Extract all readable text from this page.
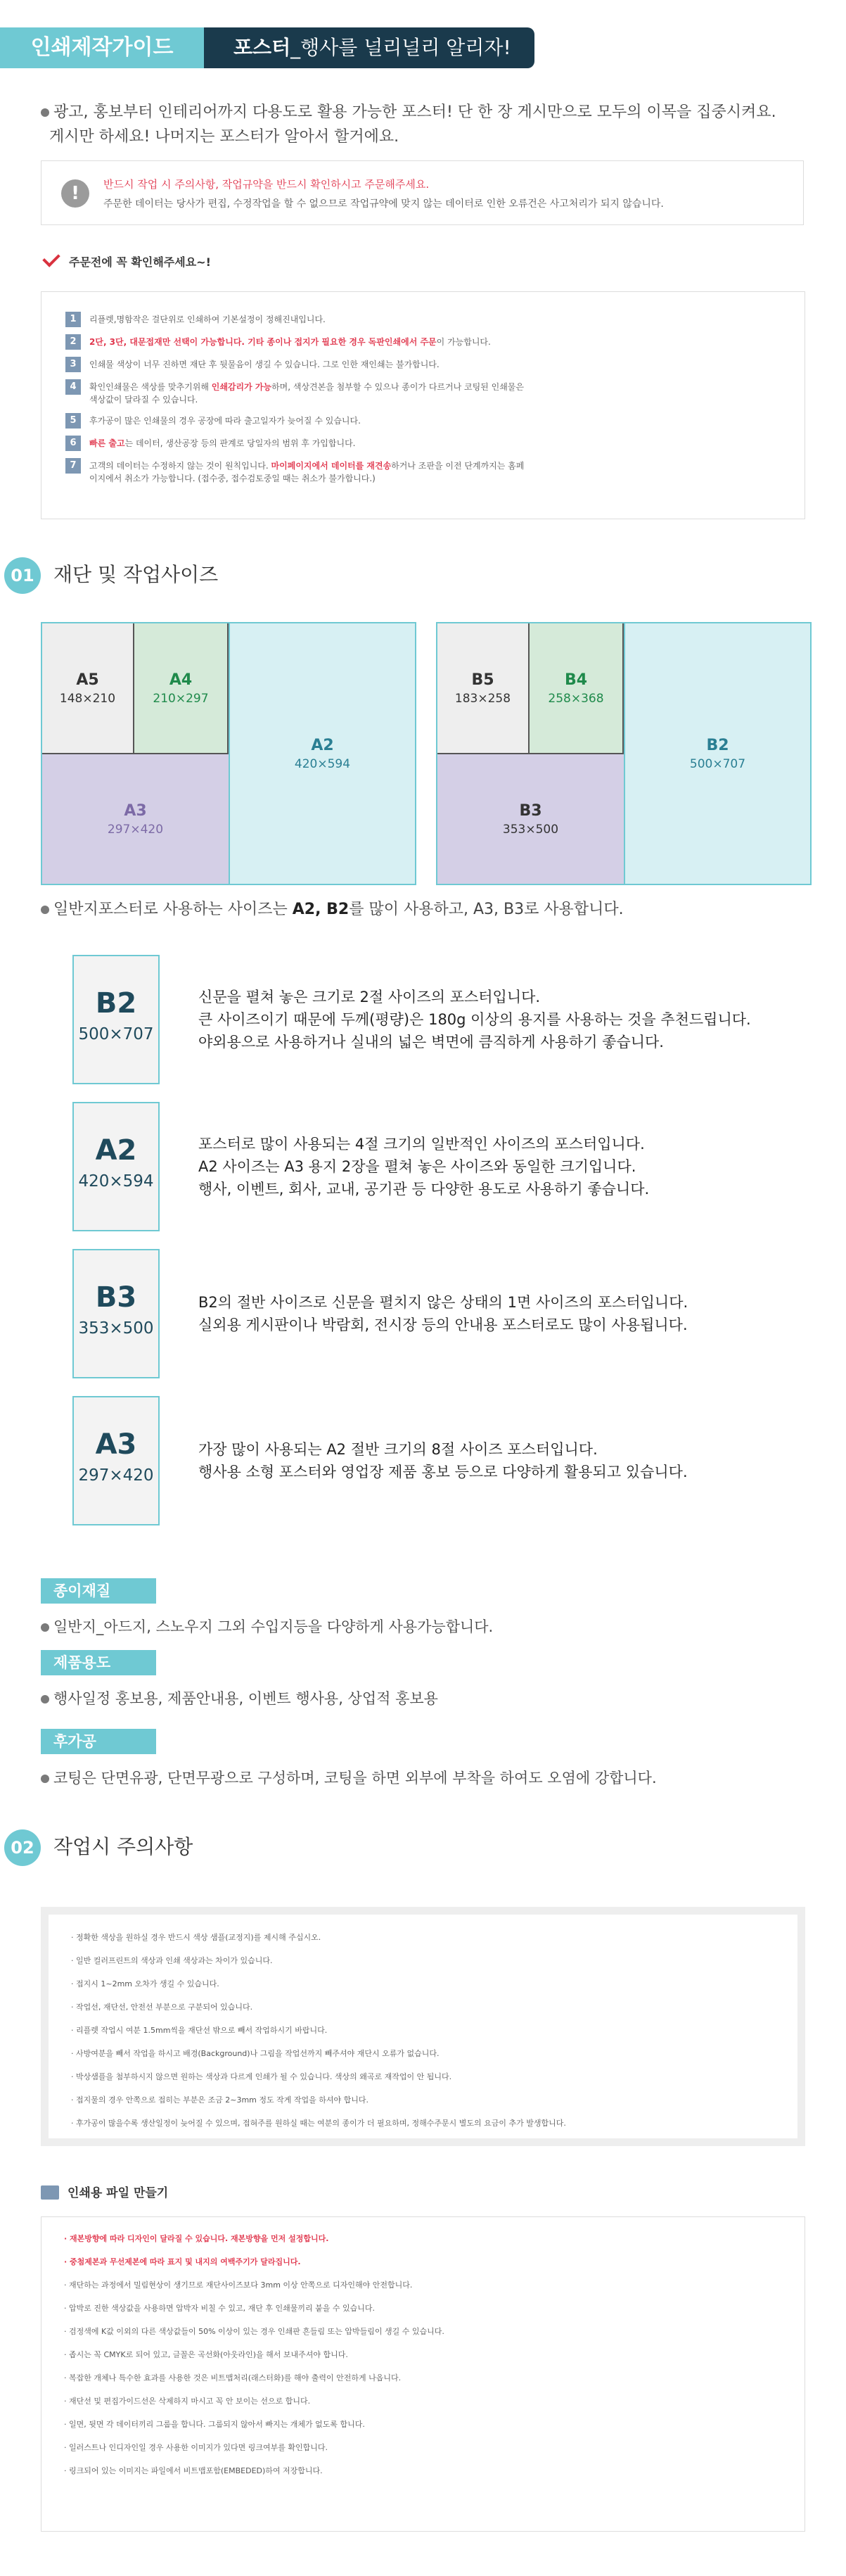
인쇄제작가이드	포스터_행사를 널리널리 알리자!
광고, 홍보부터 인테리어까지 다용도로 활용 가능한 포스터! 단 한 장 게시만으로 모두의 이목을 집중시켜요.
게시만 하세요! 나머지는 포스터가 알아서 할거에요.
!	반드시 작업 시 주의사항, 작업규약을 반드시 확인하시고 주문해주세요.
주문한 데이터는 당사가 편집, 수정작업을 할 수 없으므로 작업규약에 맞지 않는 데이터로 인한 오류건은 사고처리가 되지 않습니다.
주문전에 꼭 확인해주세요~!
1	리플렛,명함작은 걸단위로 인쇄하여 기본설정이 정해진내입니다.
2	2단, 3단, 대문접재만 선택이 가능합니다. 기타 종이나 접지가 필요한 경우 독판인쇄에서 주문이 가능합니다.
3	인쇄물 색상이 너무 진하면 재단 후 뒷물음이 생길 수 있습니다. 그로 인한 재인쇄는 불가합니다.
4	확인인쇄물은 색상를 맞추기위해 인쇄감리가 가능하며, 색상견본을 첨부할 수 있으나 종이가 다르거나 코팅된 인쇄물은 색상값이 달라질 수 있습니다.
5	후가공이 많은 인쇄물의 경우 공장에 따라 출고일자가 늦어질 수 있습니다.
6	빠른 출고는 데이터, 생산공장 등의 판계로 당일자의 범위 후 가입합니다.
7	고객의 데이터는 수정하지 않는 것이 원칙입니다. 마이페이지에서 데이터를 재견송하거나 조판을 이전 단계까지는 홈페이지에서 취소가 가능합니다. (접수중, 접수검토중일 때는 취소가 불가합니다.)
01 재단 및 작업사이즈
A5
148×210
A4
210×297
A3
297×420
A2
420×594
B5
183×258
B4
258×368
B3
353×500
B2
500×707
일반지포스터로 사용하는 사이즈는 A2, B2를 많이 사용하고, A3, B3로 사용합니다.
B2
500×707
신문을 펼쳐 놓은 크기로 2절 사이즈의 포스터입니다.
큰 사이즈이기 때문에 두께(평량)은 180g 이상의 용지를 사용하는 것을 추천드립니다.
야외용으로 사용하거나 실내의 넓은 벽면에 큼직하게 사용하기 좋습니다.
A2
420×594
포스터로 많이 사용되는 4절 크기의 일반적인 사이즈의 포스터입니다.
A2 사이즈는 A3 용지 2장을 펼쳐 놓은 사이즈와 동일한 크기입니다.
행사, 이벤트, 회사, 교내, 공기관 등 다양한 용도로 사용하기 좋습니다.
B3
353×500
B2의 절반 사이즈로 신문을 펼치지 않은 상태의 1면 사이즈의 포스터입니다.
실외용 게시판이나 박람회, 전시장 등의 안내용 포스터로도 많이 사용됩니다.
A3
297×420
가장 많이 사용되는 A2 절반 크기의 8절 사이즈 포스터입니다.
행사용 소형 포스터와 영업장 제품 홍보 등으로 다양하게 활용되고 있습니다.
종이재질
일반지_아드지, 스노우지 그외 수입지등을 다양하게 사용가능합니다.
제품용도
행사일정 홍보용, 제품안내용, 이벤트 행사용, 상업적 홍보용
후가공
코팅은 단면유광, 단면무광으로 구성하며, 코팅을 하면 외부에 부착을 하여도 오염에 강합니다.
02 작업시 주의사항
· 정확한 색상을 원하실 경우 반드시 색상 샘플(교정지)를 제시해 주십시오.
· 일반 컬러프린트의 색상과 인쇄 색상과는 차이가 있습니다.
· 접지시 1~2mm 오차가 생길 수 있습니다.
· 작업선, 재단선, 안전선 부분으로 구분되어 있습니다.
· 리플렛 작업시 여분 1.5mm씩을 재단선 밖으로 빼서 작업하시기 바랍니다.
· 사방여분을 빼서 작업을 하시고 배경(Background)나 그림을 작업선까지 빼주셔야 재단시 오류가 없습니다.
· 박상샘플을 첨부하시지 않으면 원하는 색상과 다르게 인쇄가 될 수 있습니다. 색상의 왜곡로 재작업이 안 됩니다.
· 접지물의 경우 안쪽으로 접히는 부분은 조금 2~3mm 정도 작게 작업을 하셔야 합니다.
· 후가공이 많을수록 생산일정이 늦어질 수 있으며, 접혀주를 원하실 때는 여분의 종이가 더 필요하며, 정해수주문시 별도의 요금이 추가 발생합니다.
인쇄용 파일 만들기
· 재본방향에 따라 디자인이 달라질 수 있습니다. 재본방향을 먼저 설정합니다.
· 중첨제본과 무선제본에 따라 표지 및 내지의 여백주기가 달라집니다.
· 재단하는 과정에서 밀림현상이 생기므로 재단사이즈보다 3mm 이상 안쪽으로 디자인해야 안전합니다.
· 압박로 진한 색상값을 사용하면 압박자 비칠 수 있고, 재단 후 인쇄물끼리 붙을 수 있습니다.
· 검정색에 K값 이외의 다른 색상값들이 50% 이상이 있는 경우 인쇄판 흔들림 또는 압박들림이 생길 수 있습니다.
· 좁시는 꼭 CMYK로 되어 있고, 글꼴은 곡선화(아웃라인)을 해서 보내주셔야 합니다.
· 복잡한 개체나 특수한 효과를 사용한 것은 비트맵처리(래스터화)를 해야 출력이 안전하게 나옵니다.
· 재단선 및 편집가이드선은 삭제하지 마시고 꼭 안 보이는 선으로 합니다.
· 일면, 뒷면 각 데이터끼리 그룹을 합니다. 그룹되지 않아서 빠지는 개체가 없도록 합니다.
· 일러스트나 인디자인일 경우 사용한 이미지가 있다면 링크여부를 확인합니다.
· 링크되어 있는 이미지는 파일에서 비트맵포함(EMBEDED)하여 저장합니다.
